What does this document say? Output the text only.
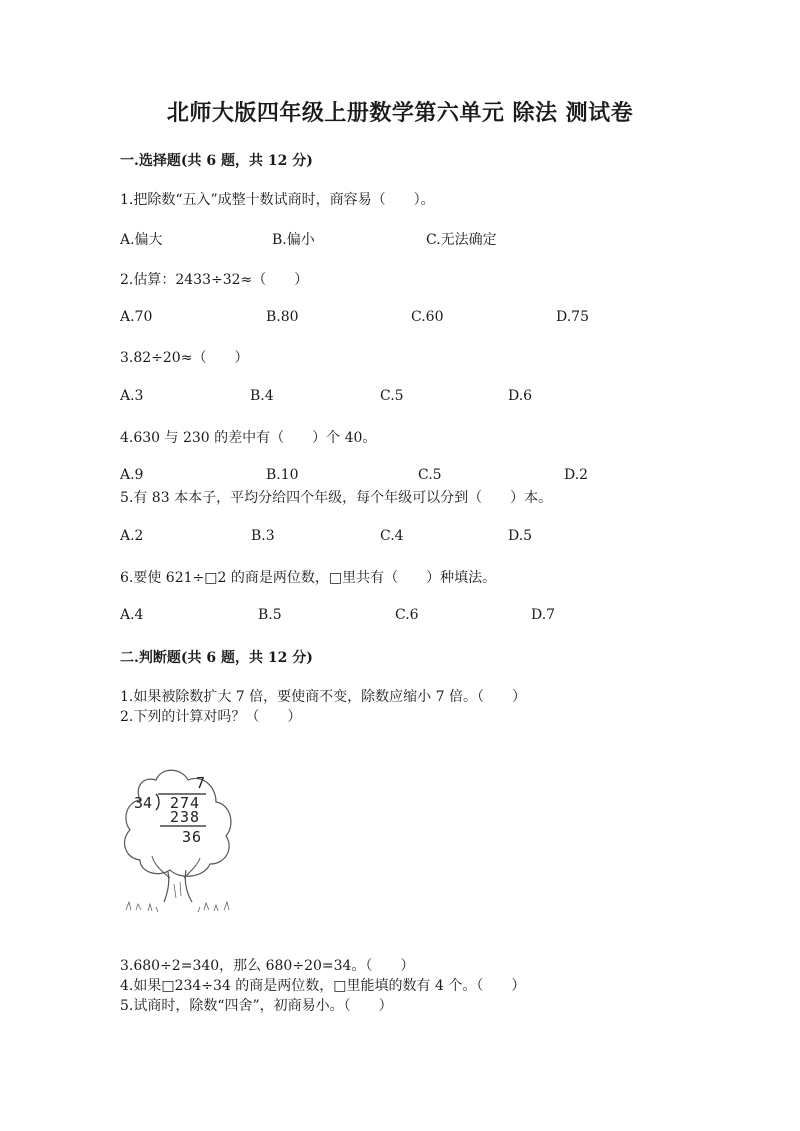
北师大版四年级上册数学第六单元 除法 测试卷
一.选择题(共 6 题，共 12 分)
1.把除数“五入”成整十数试商时，商容易（　　）。
A.偏大	B.偏小	C.无法确定
2.估算：2433÷32≈（　　）
A.70	B.80	C.60	D.75
3.82÷20≈（　　）
A.3	B.4	C.5	D.6
4.630 与 230 的差中有（　　）个 40。
A.9	B.10	C.5	D.2
5.有 83 本本子，平均分给四个年级，每个年级可以分到（　　）本。
A.2	B.3	C.4	D.5
6.要使 621÷□2 的商是两位数，□里共有（　　）种填法。
A.4	B.5	C.6	D.7
二.判断题(共 6 题，共 12 分)
1.如果被除数扩大 7 倍，要使商不变，除数应缩小 7 倍。（　　）
2.下列的计算对吗？（　　）
7
34 274
238
36
3.680÷2=340，那么 680÷20=34。（　　）
4.如果□234÷34 的商是两位数，□里能填的数有 4 个。（　　）
5.试商时，除数“四舍”，初商易小。（　　）
